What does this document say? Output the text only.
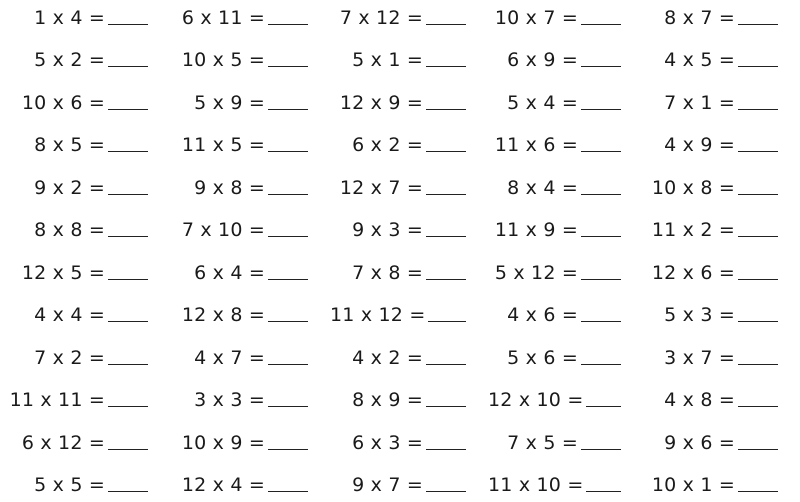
1 x 4 =	6 x 11 =	7 x 12 =	10 x 7 =	8 x 7 =
5 x 2 =	10 x 5 =	5 x 1 =	6 x 9 =	4 x 5 =
10 x 6 =	5 x 9 =	12 x 9 =	5 x 4 =	7 x 1 =
8 x 5 =	11 x 5 =	6 x 2 =	11 x 6 =	4 x 9 =
9 x 2 =	9 x 8 =	12 x 7 =	8 x 4 =	10 x 8 =
8 x 8 =	7 x 10 =	9 x 3 =	11 x 9 =	11 x 2 =
12 x 5 =	6 x 4 =	7 x 8 =	5 x 12 =	12 x 6 =
4 x 4 =	12 x 8 =	11 x 12 =	4 x 6 =	5 x 3 =
7 x 2 =	4 x 7 =	4 x 2 =	5 x 6 =	3 x 7 =
11 x 11 =	3 x 3 =	8 x 9 =	12 x 10 =	4 x 8 =
6 x 12 =	10 x 9 =	6 x 3 =	7 x 5 =	9 x 6 =
5 x 5 =	12 x 4 =	9 x 7 =	11 x 10 =	10 x 1 =
